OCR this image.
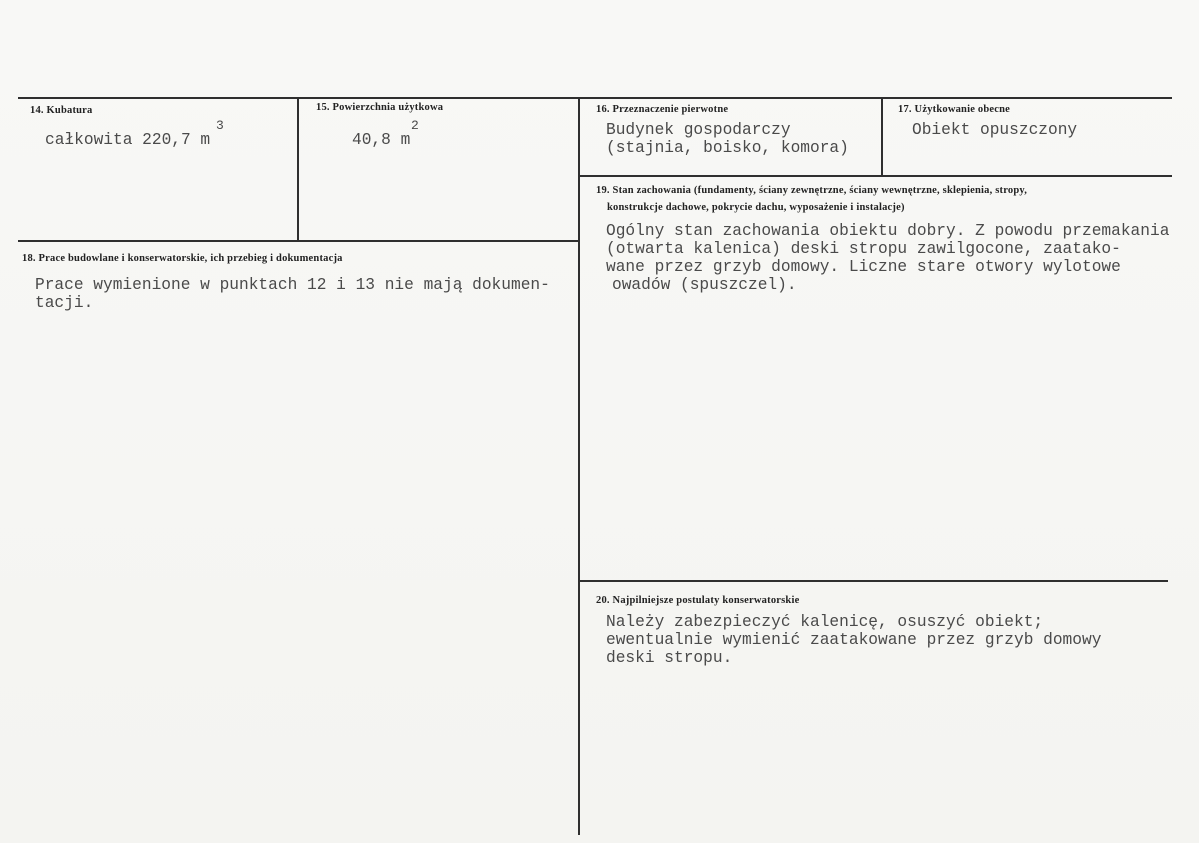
14. Kubatura
całkowita 220,7 m
3
15. Powierzchnia użytkowa
40,8 m
2
16. Przeznaczenie pierwotne
Budynek gospodarczy
(stajnia, boisko, komora)
17. Użytkowanie obecne
Obiekt opuszczony
19. Stan zachowania (fundamenty, ściany zewnętrzne, ściany wewnętrzne, sklepienia, stropy,
konstrukcje dachowe, pokrycie dachu, wyposażenie i instalacje)
Ogólny stan zachowania obiektu dobry. Z powodu przemakania
(otwarta kalenica) deski stropu zawilgocone, zaatako-
wane przez grzyb domowy. Liczne stare otwory wylotowe
owadów (spuszczel).
18. Prace budowlane i konserwatorskie, ich przebieg i dokumentacja
Prace wymienione w punktach 12 i 13 nie mają dokumen-
tacji.
20. Najpilniejsze postulaty konserwatorskie
Należy zabezpieczyć kalenicę, osuszyć obiekt;
ewentualnie wymienić zaatakowane przez grzyb domowy
deski stropu.
